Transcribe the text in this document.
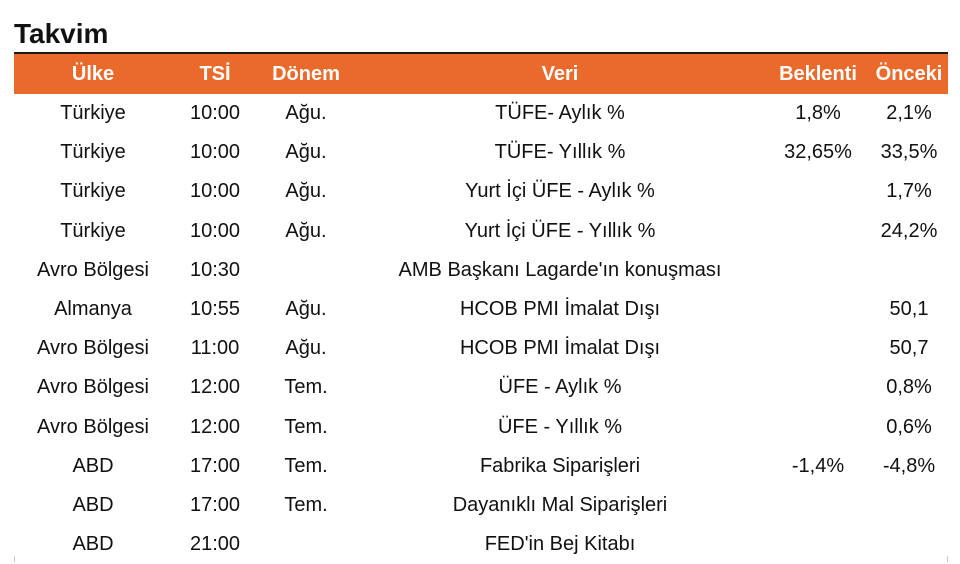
Takvim
Ülke	TSİ	Dönem	Veri	Beklenti	Önceki
Türkiye	10:00	Ağu.	TÜFE- Aylık %	1,8%	2,1%
Türkiye	10:00	Ağu.	TÜFE- Yıllık %	32,65%	33,5%
Türkiye	10:00	Ağu.	Yurt İçi ÜFE - Aylık %		1,7%
Türkiye	10:00	Ağu.	Yurt İçi ÜFE - Yıllık %		24,2%
Avro Bölgesi	10:30		AMB Başkanı Lagarde'ın konuşması		
Almanya	10:55	Ağu.	HCOB PMI İmalat Dışı		50,1
Avro Bölgesi	11:00	Ağu.	HCOB PMI İmalat Dışı		50,7
Avro Bölgesi	12:00	Tem.	ÜFE - Aylık %		0,8%
Avro Bölgesi	12:00	Tem.	ÜFE - Yıllık %		0,6%
ABD	17:00	Tem.	Fabrika Siparişleri	-1,4%	-4,8%
ABD	17:00	Tem.	Dayanıklı Mal Siparişleri		
ABD	21:00		FED'in Bej Kitabı		
